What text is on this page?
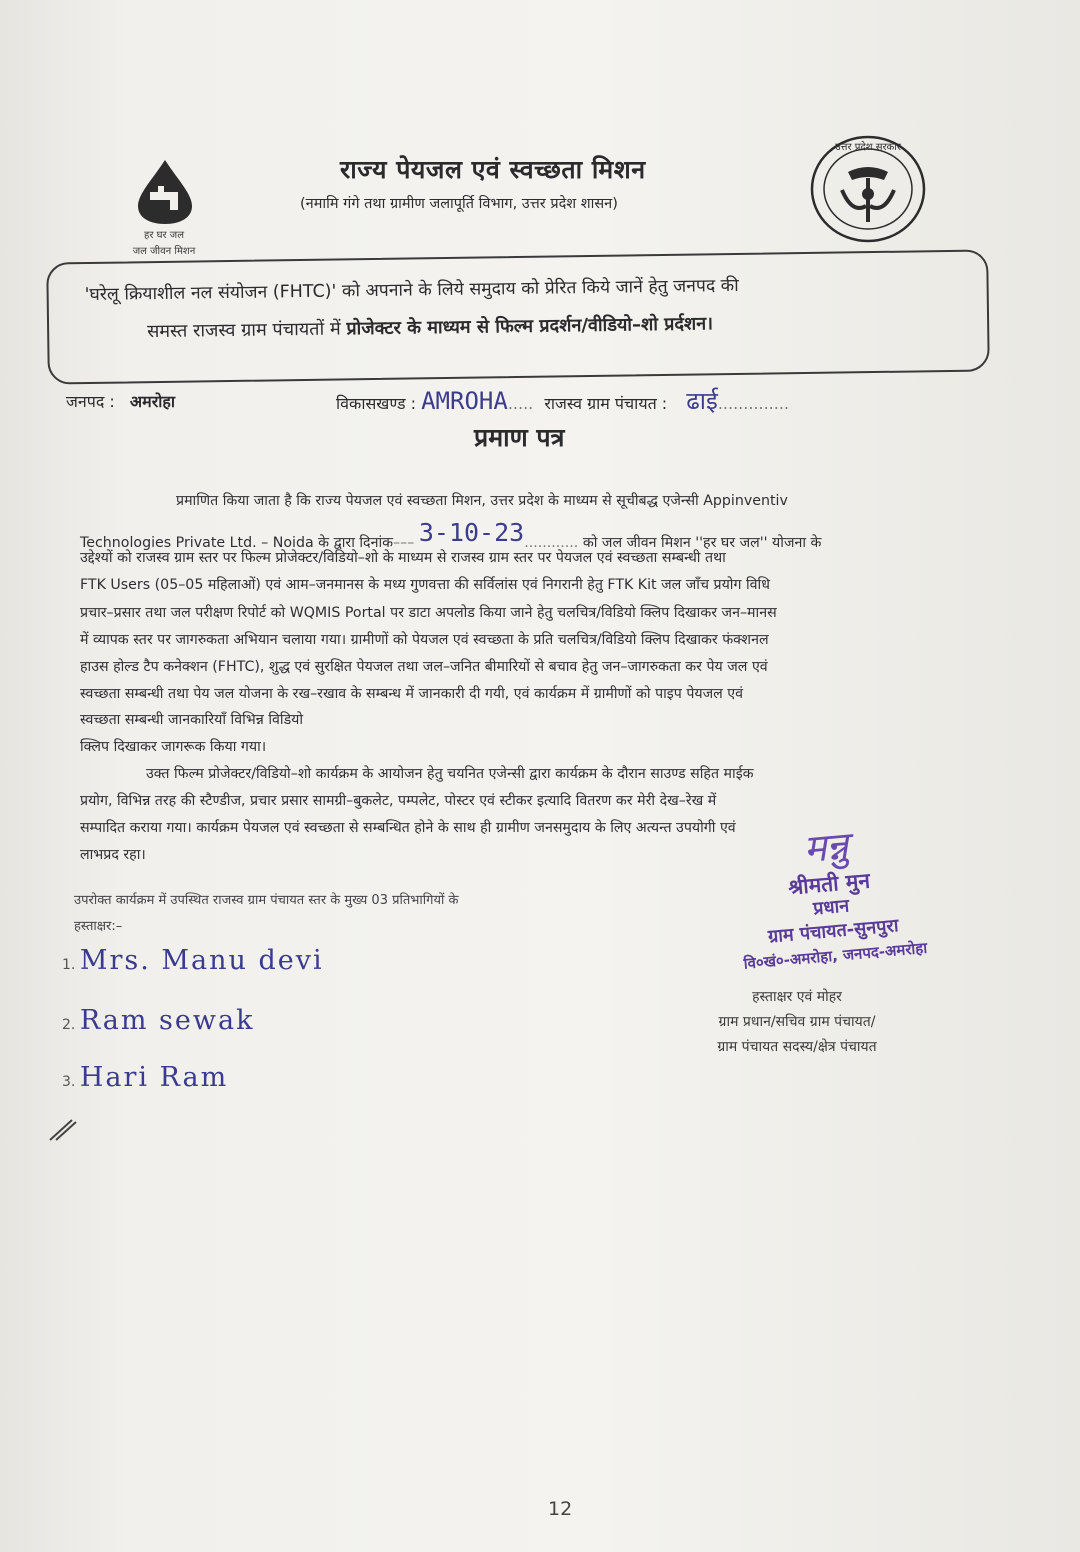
हर घर जल
जल जीवन मिशन
राज्य पेयजल एवं स्वच्छता मिशन
(नमामि गंगे तथा ग्रामीण जलापूर्ति विभाग, उत्तर प्रदेश शासन)
उत्तर प्रदेश सरकार
'घरेलू क्रियाशील नल संयोजन (FHTC)' को अपनाने के लिये समुदाय को प्रेरित किये जानें हेतु जनपद की
समस्त राजस्व ग्राम पंचायतों में प्रोजेक्टर के माध्यम से फिल्म प्रदर्शन/वीडियो–शो प्रर्दशन।
जनपद : अमरोहा	विकासखण्ड : AMROHA..... राजस्व ग्राम पंचायत : ढाई..............
प्रमाण पत्र
प्रमाणित किया जाता है कि राज्य पेयजल एवं स्वच्छता मिशन, उत्तर प्रदेश के माध्यम से सूचीबद्ध एजेन्सी Appinventiv
Technologies Private Ltd. – Noida के द्वारा दिनांक––– 3-10-23............ को जल जीवन मिशन ''हर घर जल'' योजना के
उद्देश्यों को राजस्व ग्राम स्तर पर फिल्म प्रोजेक्टर/विडियो–शो के माध्यम से राजस्व ग्राम स्तर पर पेयजल एवं स्वच्छता सम्बन्धी तथा
FTK Users (05–05 महिलाओं) एवं आम–जनमानस के मध्य गुणवत्ता की सर्विलांस एवं निगरानी हेतु FTK Kit जल जाँच प्रयोग विधि
प्रचार–प्रसार तथा जल परीक्षण रिपोर्ट को WQMIS Portal पर डाटा अपलोड किया जाने हेतु चलचित्र/विडियो क्लिप दिखाकर जन–मानस
में व्यापक स्तर पर जागरुकता अभियान चलाया गया। ग्रामीणों को पेयजल एवं स्वच्छता के प्रति चलचित्र/विडियो क्लिप दिखाकर फंक्शनल
हाउस होल्ड टैप कनेक्शन (FHTC), शुद्ध एवं सुरक्षित पेयजल तथा जल–जनित बीमारियों से बचाव हेतु जन–जागरुकता कर पेय जल एवं
स्वच्छता सम्बन्धी तथा पेय जल योजना के रख–रखाव के सम्बन्ध में जानकारी दी गयी, एवं कार्यक्रम में ग्रामीणों को पाइप पेयजल एवं
स्वच्छता सम्बन्धी जानकारियाँ विभिन्न विडियो
क्लिप दिखाकर जागरूक किया गया।
उक्त फिल्म प्रोजेक्टर/विडियो–शो कार्यक्रम के आयोजन हेतु चयनित एजेन्सी द्वारा कार्यक्रम के दौरान साउण्ड सहित माईक
प्रयोग, विभिन्न तरह की स्टैण्डीज, प्रचार प्रसार सामग्री–बुकलेट, पम्पलेट, पोस्टर एवं स्टीकर इत्यादि वितरण कर मेरी देख–रेख में
सम्पादित कराया गया। कार्यक्रम पेयजल एवं स्वच्छता से सम्बन्धित होने के साथ ही ग्रामीण जनसमुदाय के लिए अत्यन्त उपयोगी एवं
लाभप्रद रहा।
उपरोक्त कार्यक्रम में उपस्थित राजस्व ग्राम पंचायत स्तर के मुख्य 03 प्रतिभागियों के
हस्ताक्षर:–
1. Mrs. Manu devi
2. Ram sewak
3. Hari Ram
मन्नु
श्रीमती मुन
प्रधान
ग्राम पंचायत-सुनपुरा
वि०खं०-अमरोहा, जनपद-अमरोहा
हस्ताक्षर एवं मोहर
ग्राम प्रधान/सचिव ग्राम पंचायत/
ग्राम पंचायत सदस्य/क्षेत्र पंचायत
12
